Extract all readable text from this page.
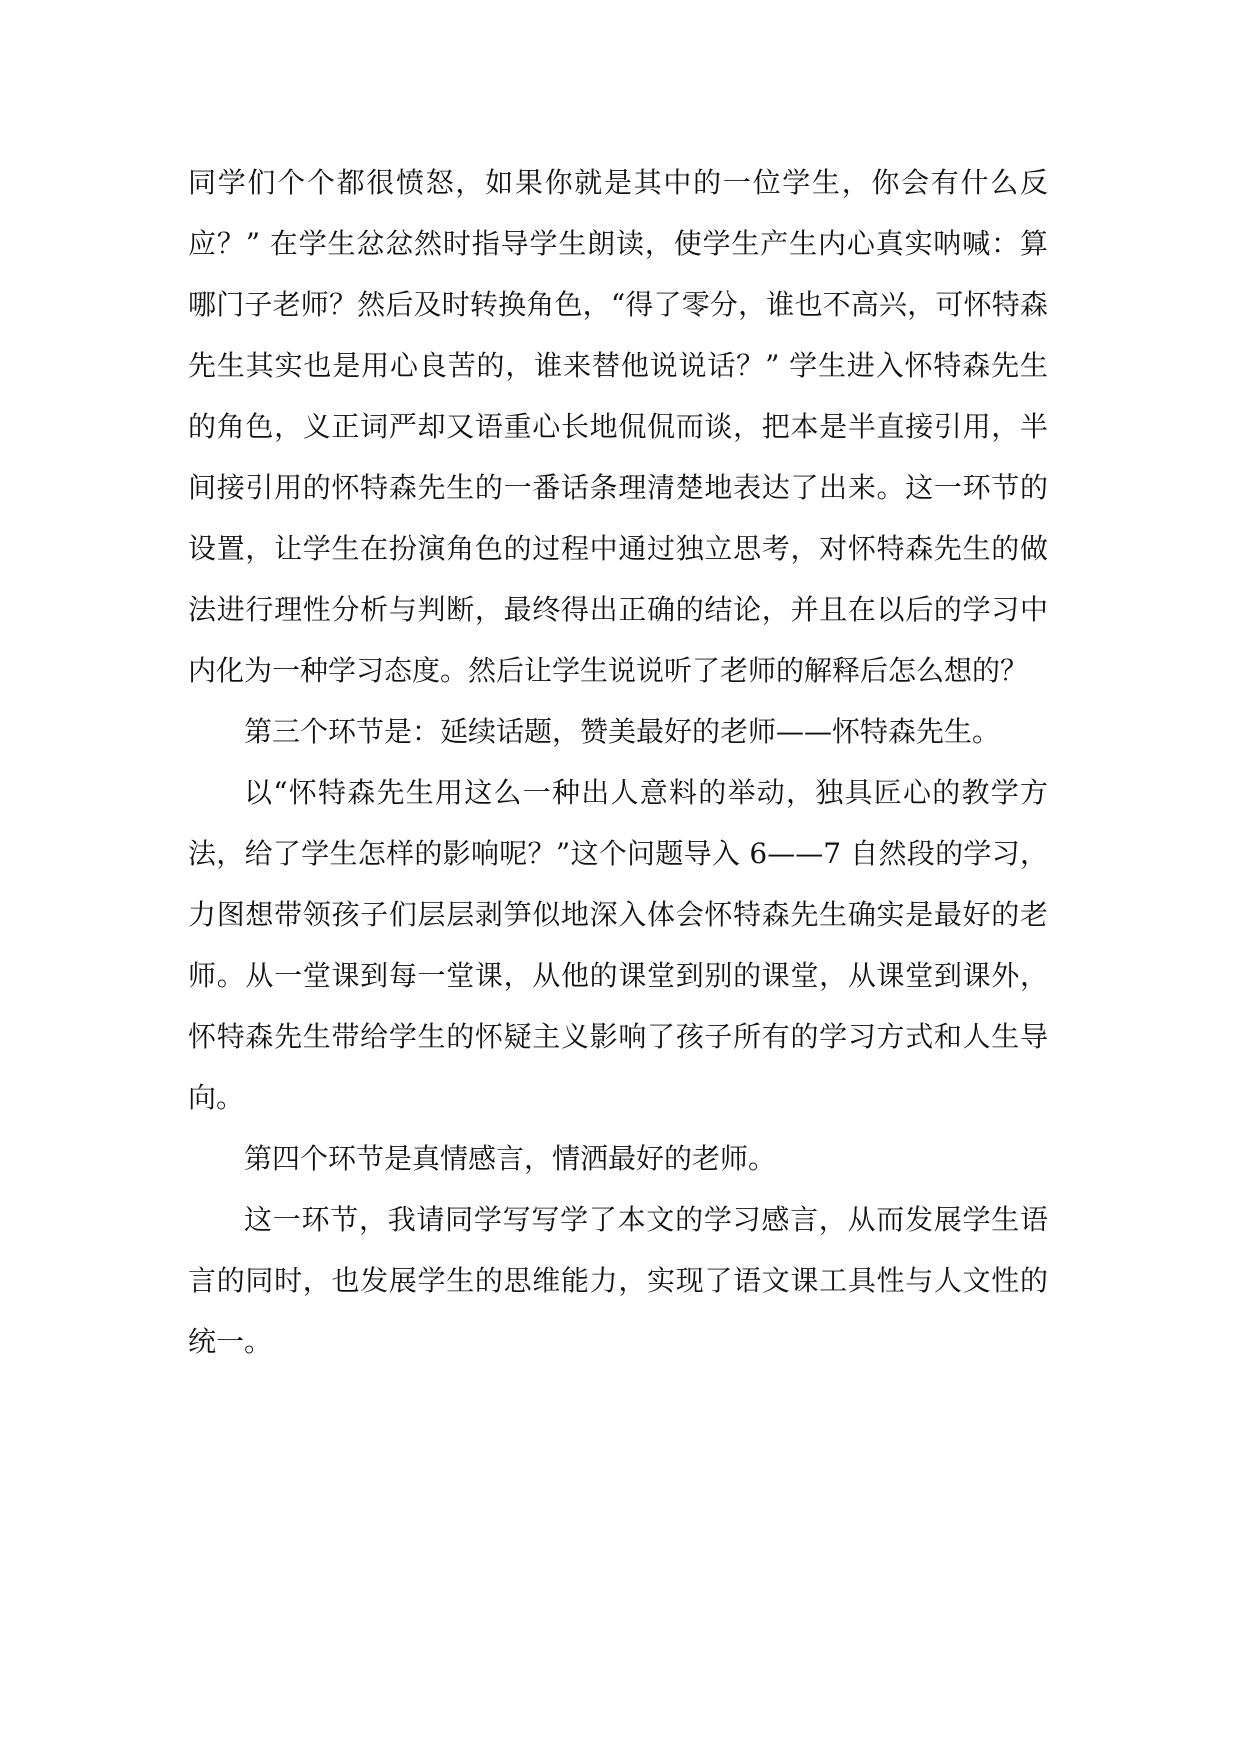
同学们个个都很愤怒，如果你就是其中的一位学生，你会有什么反应？” 在学生忿忿然时指导学生朗读，使学生产生内心真实呐喊：算哪门子老师？然后及时转换角色，“得了零分，谁也不高兴，可怀特森先生其实也是用心良苦的，谁来替他说说话？” 学生进入怀特森先生的角色，义正词严却又语重心长地侃侃而谈，把本是半直接引用，半间接引用的怀特森先生的一番话条理清楚地表达了出来。这一环节的设置，让学生在扮演角色的过程中通过独立思考，对怀特森先生的做法进行理性分析与判断，最终得出正确的结论，并且在以后的学习中内化为一种学习态度。然后让学生说说听了老师的解释后怎么想的？

第三个环节是：延续话题，赞美最好的老师——怀特森先生。

以“怀特森先生用这么一种出人意料的举动，独具匠心的教学方法，给了学生怎样的影响呢？”这个问题导入 6——7 自然段的学习，力图想带领孩子们层层剥笋似地深入体会怀特森先生确实是最好的老师。从一堂课到每一堂课，从他的课堂到别的课堂，从课堂到课外，怀特森先生带给学生的怀疑主义影响了孩子所有的学习方式和人生导向。

第四个环节是真情感言，情洒最好的老师。

这一环节，我请同学写写学了本文的学习感言，从而发展学生语言的同时，也发展学生的思维能力，实现了语文课工具性与人文性的统一。
